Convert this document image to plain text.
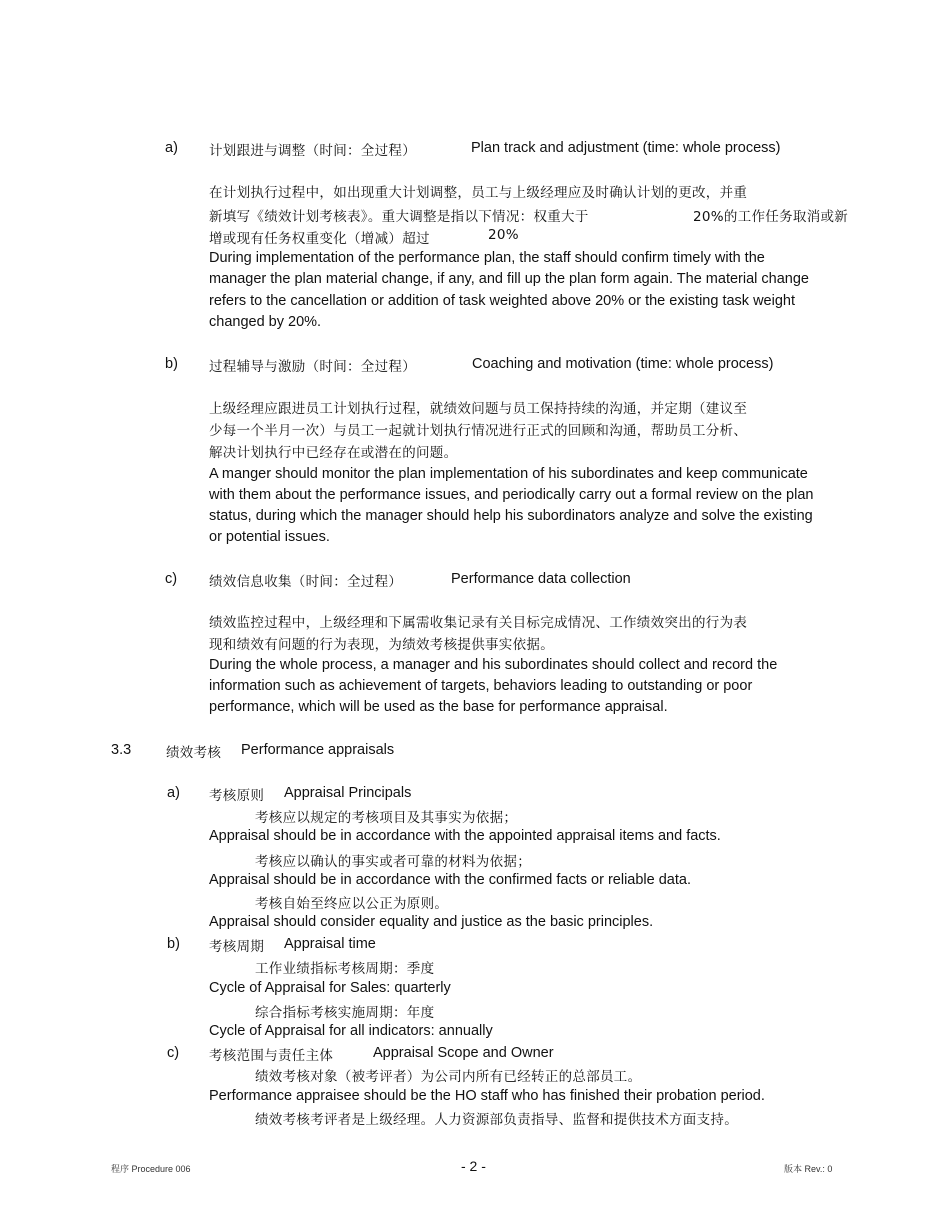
a) 计划跟进与调整（时间：全过程）	Plan track and adjustment (time: whole process)
在计划执行过程中，如出现重大计划调整，员工与上级经理应及时确认计划的更改，并重
新填写《绩效计划考核表》。重大调整是指以下情况：权重大于	20%的工作任务取消或新
增或现有任务权重变化（增减）超过	20%
During implementation of the performance plan, the staff should confirm timely with the
manager the plan material change, if any, and fill up the plan form again. The material change
refers to the cancellation or addition of task weighted above 20% or the existing task weight
changed by 20%.
b) 过程辅导与激励（时间：全过程）	Coaching and motivation (time: whole process)
上级经理应跟进员工计划执行过程，就绩效问题与员工保持持续的沟通，并定期（建议至
少每一个半月一次）与员工一起就计划执行情况进行正式的回顾和沟通，帮助员工分析、
解决计划执行中已经存在或潜在的问题。
A manger should monitor the plan implementation of his subordinates and keep communicate
with them about the performance issues, and periodically carry out a formal review on the plan
status, during which the manager should help his subordinators analyze and solve the existing
or potential issues.
c) 绩效信息收集（时间：全过程）	Performance data collection
绩效监控过程中，上级经理和下属需收集记录有关目标完成情况、工作绩效突出的行为表
现和绩效有问题的行为表现，为绩效考核提供事实依据。
During the whole process, a manager and his subordinates should collect and record the
information such as achievement of targets, behaviors leading to outstanding or poor
performance, which will be used as the base for performance appraisal.
3.3	绩效考核 Performance appraisals
a) 考核原则 Appraisal Principals
考核应以规定的考核项目及其事实为依据；
Appraisal should be in accordance with the appointed appraisal items and facts.
考核应以确认的事实或者可靠的材料为依据；
Appraisal should be in accordance with the confirmed facts or reliable data.
考核自始至终应以公正为原则。
Appraisal should consider equality and justice as the basic principles.
b) 考核周期 Appraisal time
工作业绩指标考核周期：季度
Cycle of Appraisal for Sales: quarterly
综合指标考核实施周期：年度
Cycle of Appraisal for all indicators: annually
c) 考核范围与责任主体	Appraisal Scope and Owner
绩效考核对象（被考评者）为公司内所有已经转正的总部员工。
Performance appraisee should be the HO staff who has finished their probation period.
绩效考核考评者是上级经理。人力资源部负责指导、监督和提供技术方面支持。
程序 Procedure 006	- 2 -	版本 Rev.: 0
